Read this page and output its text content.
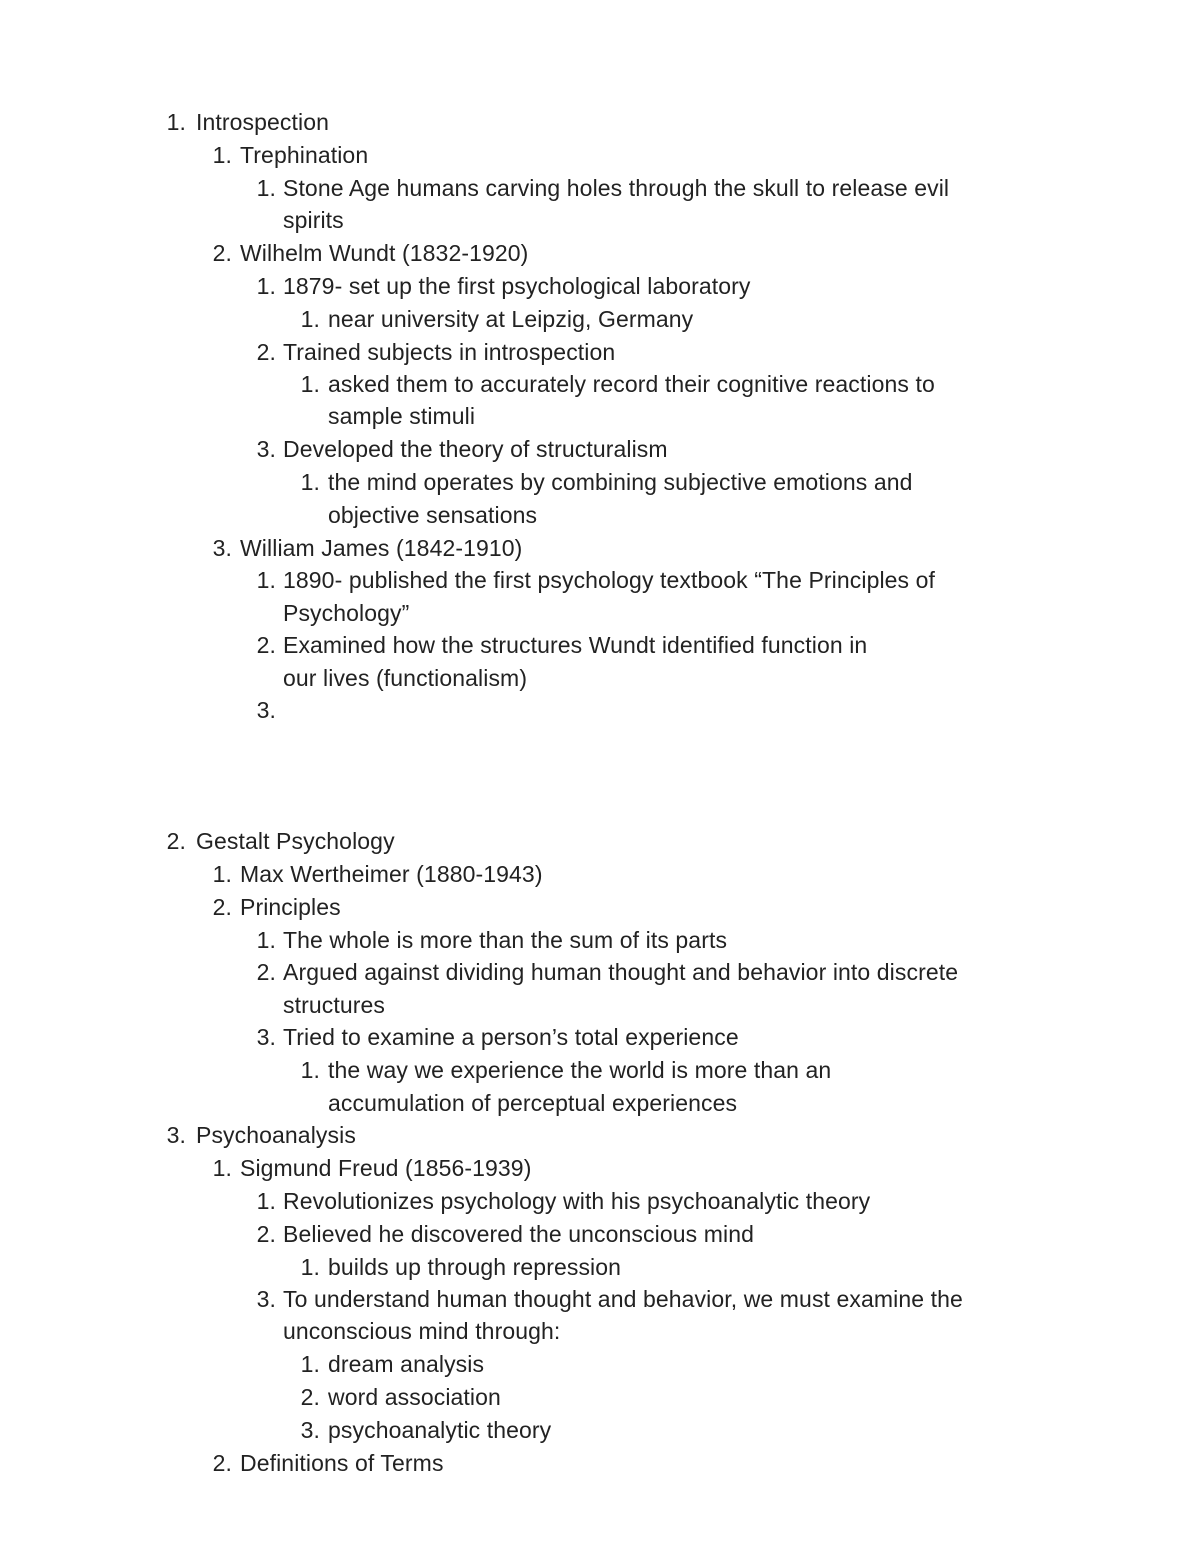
1. Introspection
1. Trephination
1. Stone Age humans carving holes through the skull to release evil
spirits
2. Wilhelm Wundt (1832-1920)
1. 1879- set up the first psychological laboratory
1. near university at Leipzig, Germany
2. Trained subjects in introspection
1. asked them to accurately record their cognitive reactions to
sample stimuli
3. Developed the theory of structuralism
1. the mind operates by combining subjective emotions and
objective sensations
3. William James (1842-1910)
1. 1890- published the first psychology textbook “The Principles of
Psychology”
2. Examined how the structures Wundt identified function in
our lives (functionalism)
3.
2. Gestalt Psychology
1. Max Wertheimer (1880-1943)
2. Principles
1. The whole is more than the sum of its parts
2. Argued against dividing human thought and behavior into discrete
structures
3. Tried to examine a person’s total experience
1. the way we experience the world is more than an
accumulation of perceptual experiences
3. Psychoanalysis
1. Sigmund Freud (1856-1939)
1. Revolutionizes psychology with his psychoanalytic theory
2. Believed he discovered the unconscious mind
1. builds up through repression
3. To understand human thought and behavior, we must examine the
unconscious mind through:
1. dream analysis
2. word association
3. psychoanalytic theory
2. Definitions of Terms
